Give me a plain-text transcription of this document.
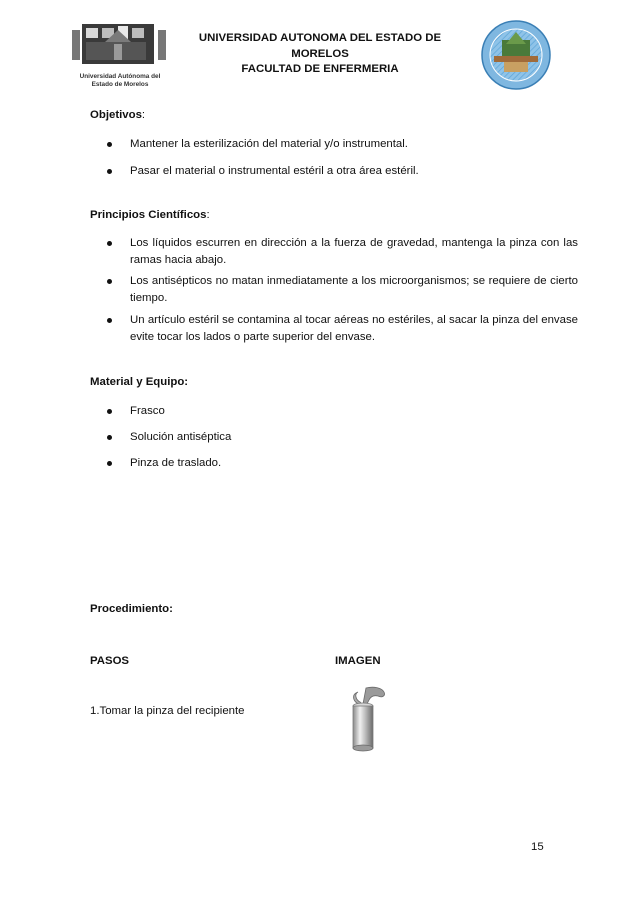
Universidad Autónoma del
Estado de Morelos
UNIVERSIDAD AUTONOMA DEL ESTADO DE
MORELOS
FACULTAD DE ENFERMERIA
Objetivos:
Mantener la esterilización del material y/o instrumental.
Pasar el material o instrumental estéril a otra área estéril.
Principios Científicos:
Los líquidos escurren en dirección a la fuerza de gravedad, mantenga la pinza con las ramas hacia abajo.
Los antisépticos no matan inmediatamente a los microorganismos; se requiere de cierto tiempo.
Un artículo estéril se contamina al tocar aéreas no estériles, al sacar la pinza del envase evite tocar los lados o parte superior del envase.
Material y Equipo:
Frasco
Solución antiséptica
Pinza de traslado.
Procedimiento:
PASOS	IMAGEN
1.Tomar la pinza del recipiente
15
